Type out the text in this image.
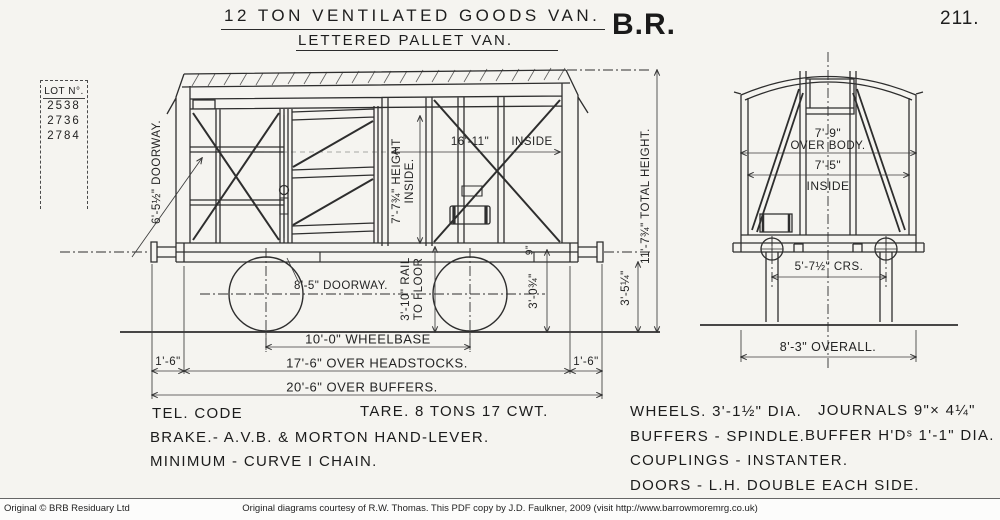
12 TON VENTILATED GOODS VAN.
LETTERED PALLET VAN.	B.R.	211.
LOT N°.
2538
2736
2784	6'-5½" DOORWAY.	16'-11" INSIDE
7'-7¾" HEIGHT INSIDE.	11'-7¾" TOTAL HEIGHT.
3'-5¼"
3'-0¾"
9"
8'-5" DOORWAY. 3'-10" RAIL TO FLOOR
10'-0" WHEELBASE
17'-6" OVER HEADSTOCKS.
1'-6"	1'-6"
20'-6" OVER BUFFERS.
7'-9"
OVER BODY.
7'-5"
INSIDE
5'-7½" CRS.
8'-3" OVERALL.
TEL. CODE	TARE. 8 TONS 17 CWT.
BRAKE.- A.V.B. & MORTON HAND-LEVER.
MINIMUM - CURVE I CHAIN.
WHEELS. 3'-1½" DIA. JOURNALS 9"× 4¼"
BUFFERS - SPINDLE. BUFFER H'Dˢ 1'-1" DIA.
COUPLINGS - INSTANTER.
DOORS - L.H. DOUBLE EACH SIDE.
Original © BRB Residuary Ltd	Original diagrams courtesy of R.W. Thomas. This PDF copy by J.D. Faulkner, 2009 (visit http://www.barrowmoremrg.co.uk)
